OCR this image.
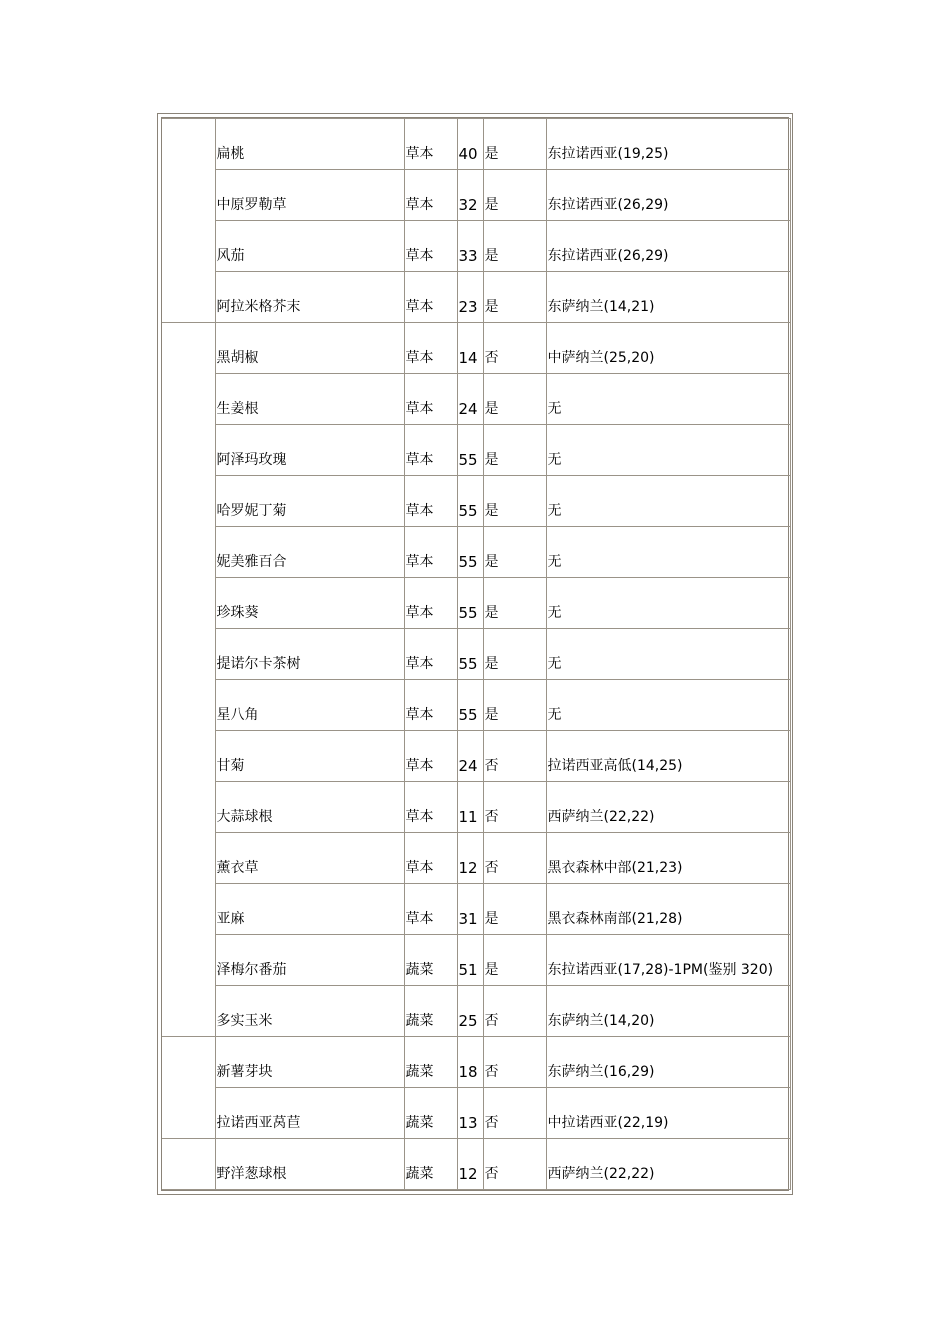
	扁桃	草本	40	是	东拉诺西亚(19,25)

	中原罗勒草	草本	32	是	东拉诺西亚(26,29)

	风茄	草本	33	是	东拉诺西亚(26,29)

	阿拉米格芥末	草本	23	是	东萨纳兰(14,21)

	黑胡椒	草本	14	否	中萨纳兰(25,20)

	生姜根	草本	24	是	无

	阿泽玛玫瑰	草本	55	是	无

	哈罗妮丁菊	草本	55	是	无

	妮美雅百合	草本	55	是	无

	珍珠葵	草本	55	是	无

	提诺尔卡茶树	草本	55	是	无

	星八角	草本	55	是	无

	甘菊	草本	24	否	拉诺西亚高低(14,25)

	大蒜球根	草本	11	否	西萨纳兰(22,22)

	薰衣草	草本	12	否	黑衣森林中部(21,23)

	亚麻	草本	31	是	黑衣森林南部(21,28)

	泽梅尔番茄	蔬菜	51	是	东拉诺西亚(17,28)-1PM(鉴别 320)

	多实玉米	蔬菜	25	否	东萨纳兰(14,20)

	新薯芽块	蔬菜	18	否	东萨纳兰(16,29)

	拉诺西亚莴苣	蔬菜	13	否	中拉诺西亚(22,19)

	野洋葱球根	蔬菜	12	否	西萨纳兰(22,22)
